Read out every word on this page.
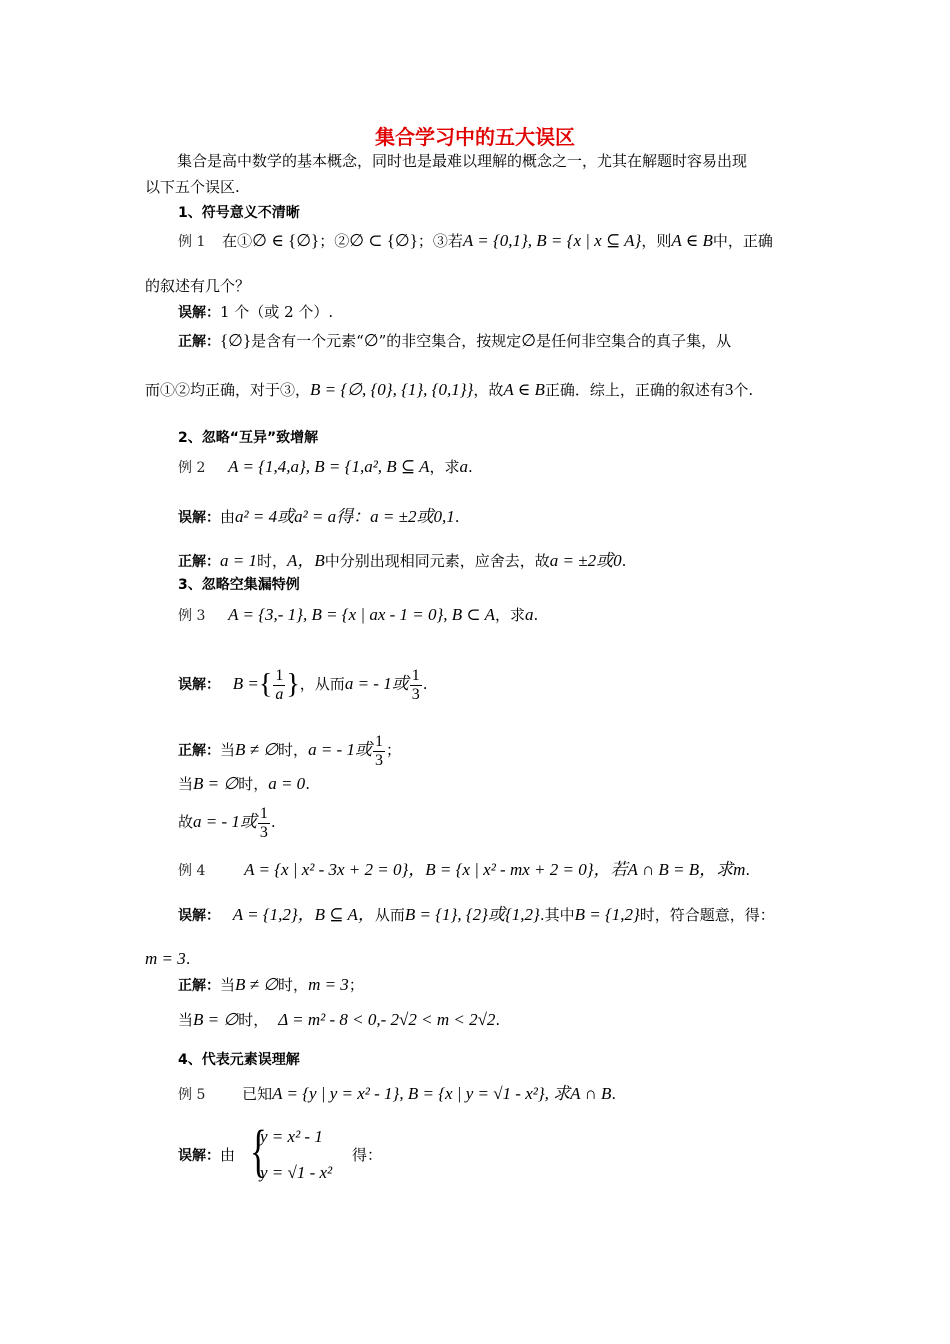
集合学习中的五大误区
集合是高中数学的基本概念，同时也是最难以理解的概念之一，尤其在解题时容易出现
以下五个误区.
1、符号意义不清晰
例 1 在①∅ ∈ {∅}；②∅ ⊂ {∅}；③若A = {0,1}, B = {x | x ⊆ A}，则A ∈ B中，正确
的叙述有几个？
误解：1 个（或 2 个）.
正解：{∅}是含有一个元素“∅”的非空集合，按规定∅是任何非空集合的真子集，从
而①②均正确，对于③，B = {∅, {0}, {1}, {0,1}}，故A ∈ B正确．综上，正确的叙述有3个.
2、忽略“互异”致增解
例 2 A = {1,4,a}, B = {1,a², B ⊆ A，求a.
误解：由a² = 4或a² = a得：a = ±2或0,1.
正解：a = 1时，A，B中分别出现相同元素，应舍去，故a = ±2或0.
3、忽略空集漏特例
例 3 A = {3,- 1}, B = {x | ax - 1 = 0}, B ⊂ A，求a.
误解： B ={ $\frac{1}{a}$ }，从而a = - 1或 $\frac{1}{3}$ .
正解：当B ≠ ∅时，a = - 1或 $\frac{1}{3}$ ；
当B = ∅时，a = 0.
故a = - 1或 $\frac{1}{3}$ .
例 4 A = {x | x² - 3x + 2 = 0}，B = {x | x² - mx + 2 = 0}，若A ∩ B = B，求m.
误解： A = {1,2}，B ⊆ A，从而B = {1}, {2}或{1,2}.其中B = {1,2}时，符合题意，得：
m = 3.
正解：当B ≠ ∅时，m = 3；
当B = ∅时， Δ = m² - 8 < 0,- 2√2 < m < 2√2.
4、代表元素误理解
例 5 已知A = {y | y = x² - 1}, B = {x | y = √1 - x²}, 求A ∩ B.
误解：由 {
y = x² - 1
y = √1 - x²
得：
